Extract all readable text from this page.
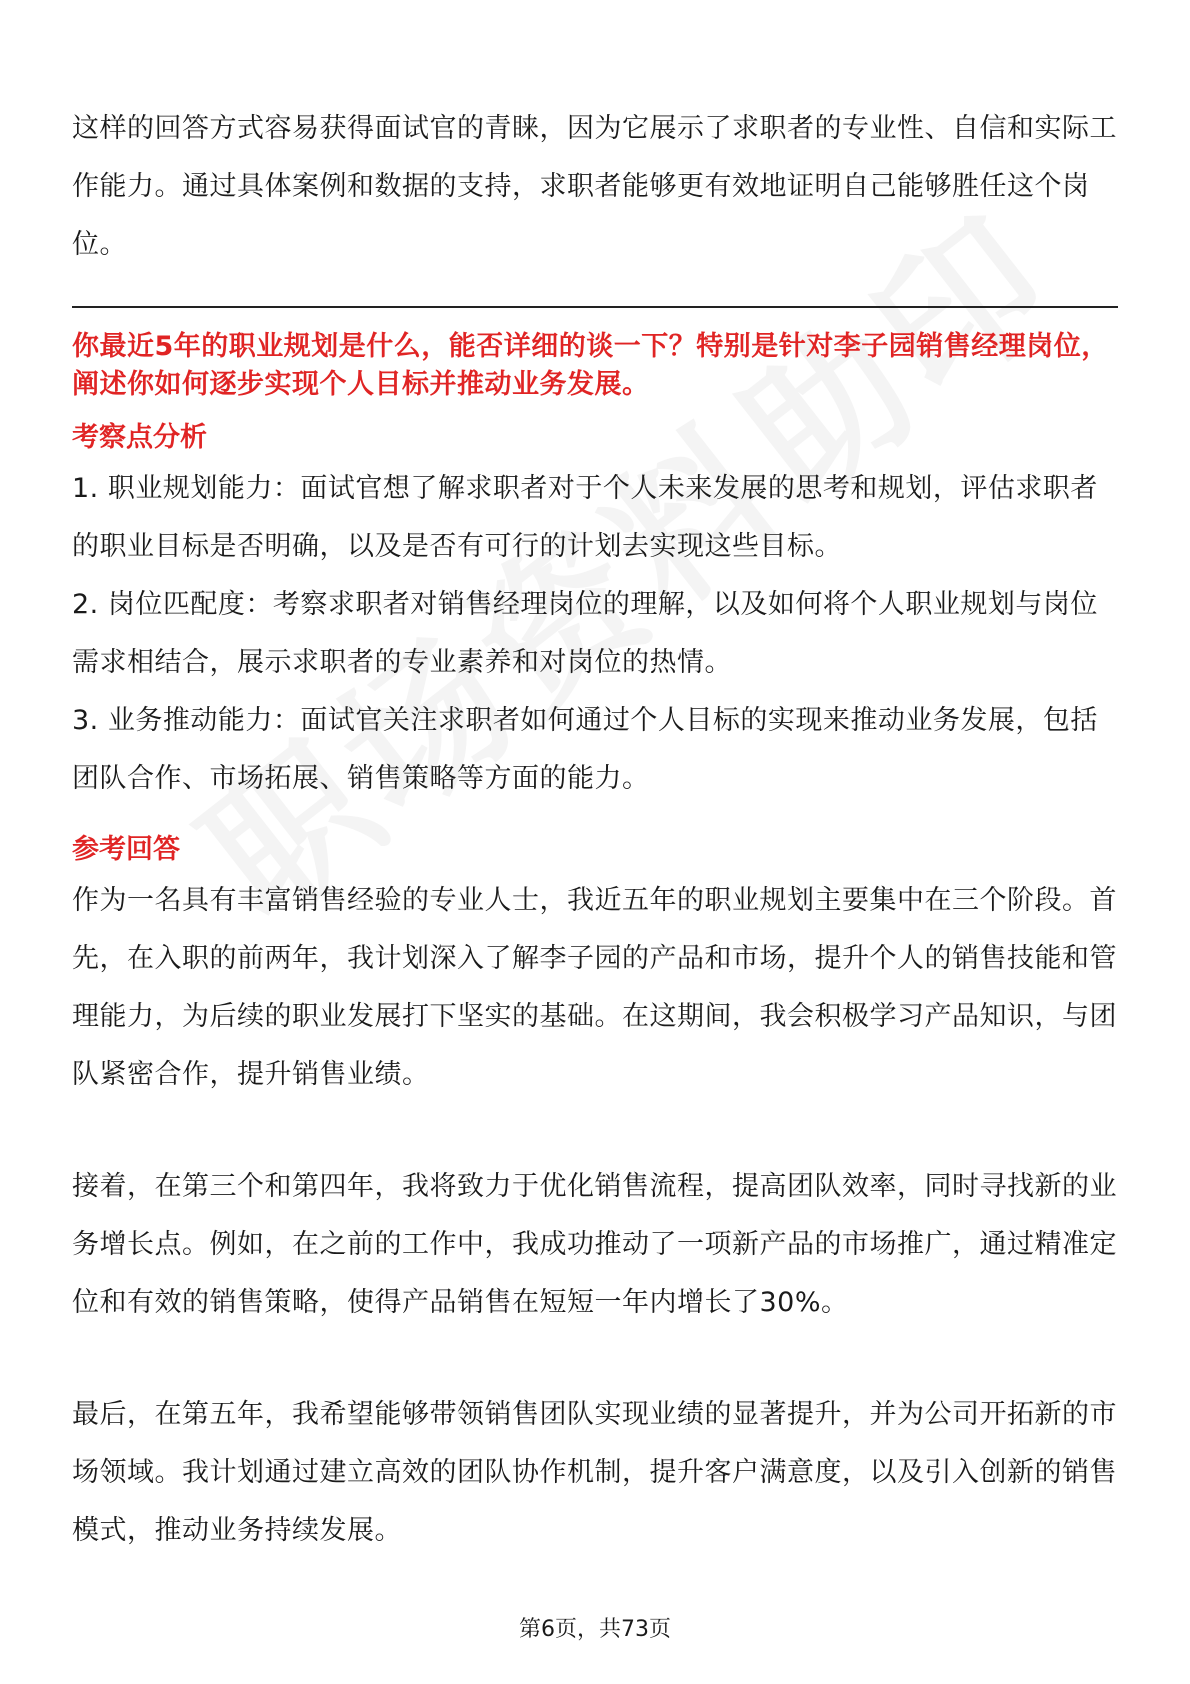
这样的回答方式容易获得面试官的青睐，因为它展示了求职者的专业性、自信和实际工作能力。通过具体案例和数据的支持，求职者能够更有效地证明自己能够胜任这个岗位。

你最近5年的职业规划是什么，能否详细的谈一下？特别是针对李子园销售经理岗位，阐述你如何逐步实现个人目标并推动业务发展。

考察点分析

1. 职业规划能力：面试官想了解求职者对于个人未来发展的思考和规划，评估求职者的职业目标是否明确，以及是否有可行的计划去实现这些目标。

2. 岗位匹配度：考察求职者对销售经理岗位的理解，以及如何将个人职业规划与岗位需求相结合，展示求职者的专业素养和对岗位的热情。

3. 业务推动能力：面试官关注求职者如何通过个人目标的实现来推动业务发展，包括团队合作、市场拓展、销售策略等方面的能力。

参考回答

作为一名具有丰富销售经验的专业人士，我近五年的职业规划主要集中在三个阶段。首先，在入职的前两年，我计划深入了解李子园的产品和市场，提升个人的销售技能和管理能力，为后续的职业发展打下坚实的基础。在这期间，我会积极学习产品知识，与团队紧密合作，提升销售业绩。

接着，在第三个和第四年，我将致力于优化销售流程，提高团队效率，同时寻找新的业务增长点。例如，在之前的工作中，我成功推动了一项新产品的市场推广，通过精准定位和有效的销售策略，使得产品销售在短短一年内增长了30%。

最后，在第五年，我希望能够带领销售团队实现业绩的显著提升，并为公司开拓新的市场领域。我计划通过建立高效的团队协作机制，提升客户满意度，以及引入创新的销售模式，推动业务持续发展。

第6页，共73页
